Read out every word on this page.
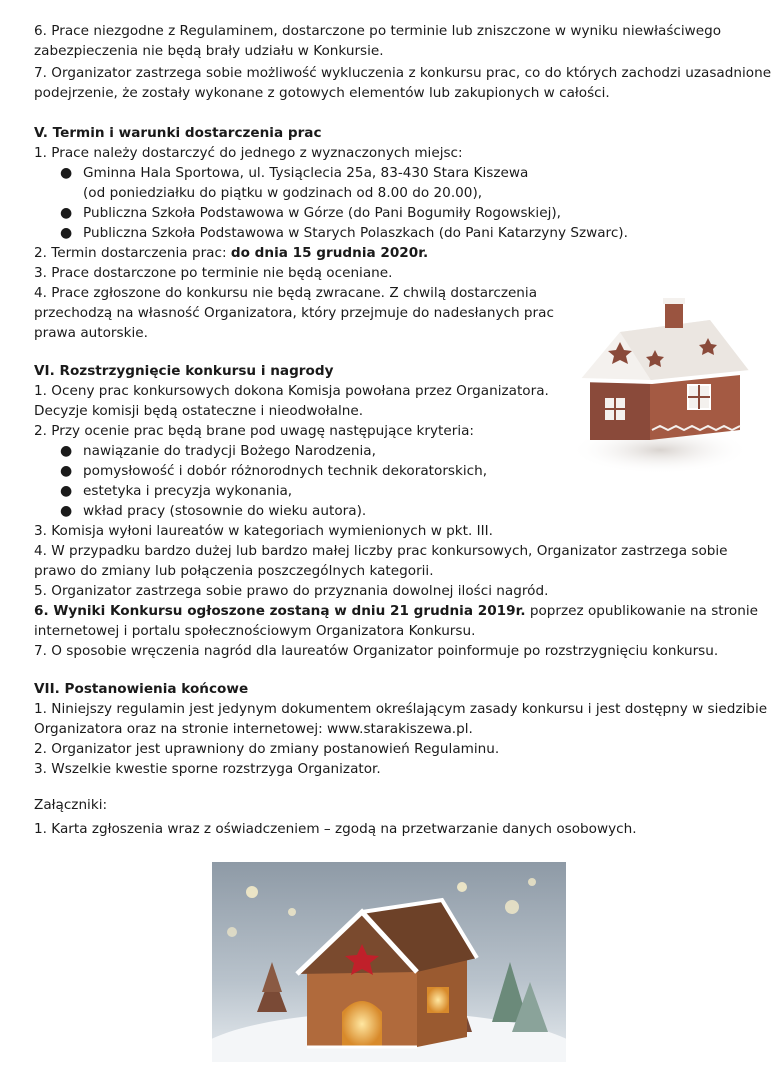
6. Prace niezgodne z Regulaminem, dostarczone po terminie lub zniszczone w wyniku niewłaściwego
zabezpieczenia nie będą brały udziału w Konkursie.
7. Organizator zastrzega sobie możliwość wykluczenia z konkursu prac, co do których zachodzi uzasadnione
podejrzenie, że zostały wykonane z gotowych elementów lub zakupionych w całości.
V. Termin i warunki dostarczenia prac
1. Prace należy dostarczyć do jednego z wyznaczonych miejsc:
● Gminna Hala Sportowa, ul. Tysiąclecia 25a, 83-430 Stara Kiszewa
(od poniedziałku do piątku w godzinach od 8.00 do 20.00),
● Publiczna Szkoła Podstawowa w Górze (do Pani Bogumiły Rogowskiej),
● Publiczna Szkoła Podstawowa w Starych Polaszkach (do Pani Katarzyny Szwarc).
2. Termin dostarczenia prac: do dnia 15 grudnia 2020r.
3. Prace dostarczone po terminie nie będą oceniane.
4. Prace zgłoszone do konkursu nie będą zwracane. Z chwilą dostarczenia
przechodzą na własność Organizatora, który przejmuje do nadesłanych prac
prawa autorskie.
VI. Rozstrzygnięcie konkursu i nagrody
1. Oceny prac konkursowych dokona Komisja powołana przez Organizatora.
Decyzje komisji będą ostateczne i nieodwołalne.
2. Przy ocenie prac będą brane pod uwagę następujące kryteria:
● nawiązanie do tradycji Bożego Narodzenia,
● pomysłowość i dobór różnorodnych technik dekoratorskich,
● estetyka i precyzja wykonania,
● wkład pracy (stosownie do wieku autora).
3. Komisja wyłoni laureatów w kategoriach wymienionych w pkt. III.
4. W przypadku bardzo dużej lub bardzo małej liczby prac konkursowych, Organizator zastrzega sobie
prawo do zmiany lub połączenia poszczególnych kategorii.
5. Organizator zastrzega sobie prawo do przyznania dowolnej ilości nagród.
6. Wyniki Konkursu ogłoszone zostaną w dniu 21 grudnia 2019r. poprzez opublikowanie na stronie
internetowej i portalu społecznościowym Organizatora Konkursu.
7. O sposobie wręczenia nagród dla laureatów Organizator poinformuje po rozstrzygnięciu konkursu.
VII. Postanowienia końcowe
1. Niniejszy regulamin jest jedynym dokumentem określającym zasady konkursu i jest dostępny w siedzibie
Organizatora oraz na stronie internetowej: www.starakiszewa.pl.
2. Organizator jest uprawniony do zmiany postanowień Regulaminu.
3. Wszelkie kwestie sporne rozstrzyga Organizator.
Załączniki:
1. Karta zgłoszenia wraz z oświadczeniem – zgodą na przetwarzanie danych osobowych.
